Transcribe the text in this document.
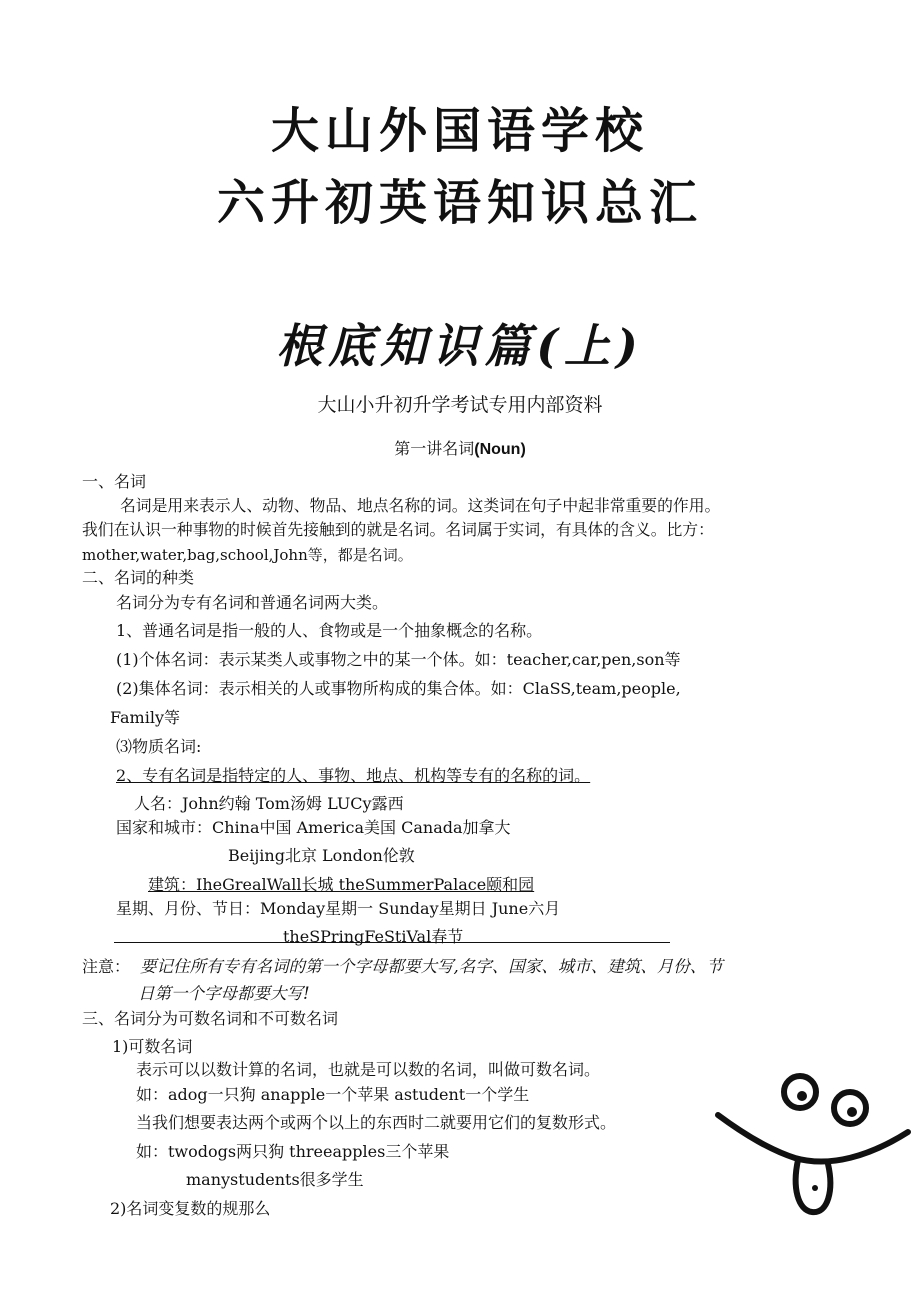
大山外国语学校
六升初英语知识总汇
根底知识篇(上)
大山小升初升学考试专用内部资料
第一讲名词(Noun)
一、名词
名词是用来表示人、动物、物品、地点名称的词。这类词在句子中起非常重要的作用。
我们在认识一种事物的时候首先接触到的就是名词。名词属于实词，有具体的含义。比方：
mother,water,bag,school,John等，都是名词。
二、名词的种类
名词分为专有名词和普通名词两大类。
1、普通名词是指一般的人、食物或是一个抽象概念的名称。
(1)个体名词：表示某类人或事物之中的某一个体。如：teacher,car,pen,son等
(2)集体名词：表示相关的人或事物所构成的集合体。如：ClaSS,team,people,
Family等
⑶物质名词:
2、专有名词是指特定的人、事物、地点、机构等专有的名称的词。
人名：John约翰 Tom汤姆 LUCy露西
国家和城市：China中国 America美国 Canada加拿大
Beijing北京 London伦敦
建筑：IheGrealWall长城 theSummerPalace颐和园
星期、月份、节日：Monday星期一 Sunday星期日 June六月
theSPringFeStiVal春节
注意： 要记住所有专有名词的第一个字母都要大写,名字、国家、城市、建筑、月份、节
日第一个字母都要大写!
三、名词分为可数名词和不可数名词
1)可数名词
表示可以以数计算的名词，也就是可以数的名词，叫做可数名词。
如：adog一只狗 anapple一个苹果 astudent一个学生
当我们想要表达两个或两个以上的东西时二就要用它们的复数形式。
如：twodogs两只狗 threeapples三个苹果
manystudents很多学生
2)名词变复数的规那么
